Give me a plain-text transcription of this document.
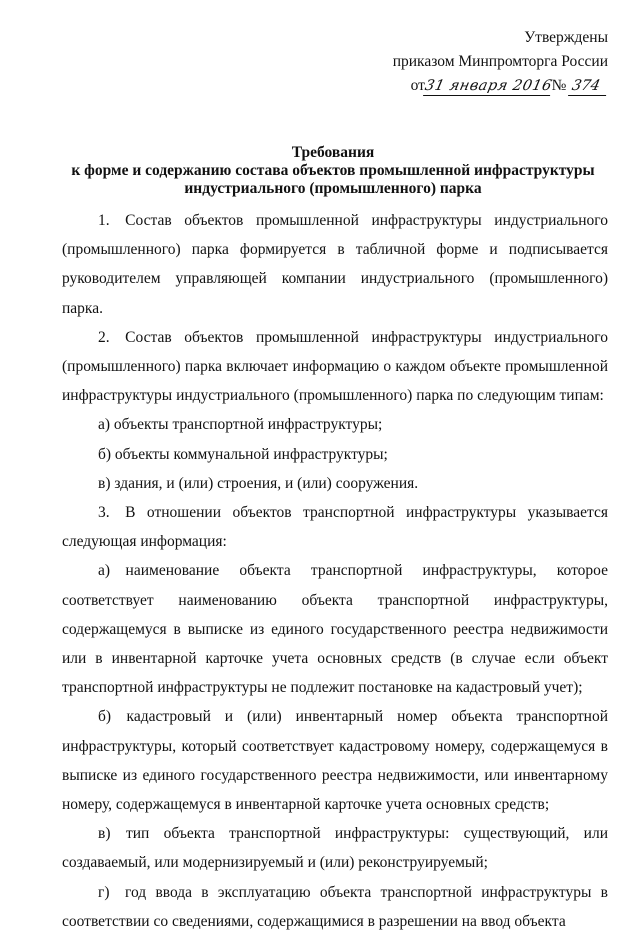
Утверждены
приказом Минпромторга России
от31 января 2016№ 374
Требования
к форме и содержанию состава объектов промышленной инфраструктуры
индустриального (промышленного) парка

1. Состав объектов промышленной инфраструктуры индустриального (промышленного) парка формируется в табличной форме и подписывается руководителем управляющей компании индустриального (промышленного) парка.

2. Состав объектов промышленной инфраструктуры индустриального (промышленного) парка включает информацию о каждом объекте промышленной инфраструктуры индустриального (промышленного) парка по следующим типам:

а) объекты транспортной инфраструктуры;

б) объекты коммунальной инфраструктуры;

в) здания, и (или) строения, и (или) сооружения.

3. В отношении объектов транспортной инфраструктуры указывается следующая информация:

а) наименование объекта транспортной инфраструктуры, которое соответствует наименованию объекта транспортной инфраструктуры, содержащемуся в выписке из единого государственного реестра недвижимости или в инвентарной карточке учета основных средств (в случае если объект транспортной инфраструктуры не подлежит постановке на кадастровый учет);

б) кадастровый и (или) инвентарный номер объекта транспортной инфраструктуры, который соответствует кадастровому номеру, содержащемуся в выписке из единого государственного реестра недвижимости, или инвентарному номеру, содержащемуся в инвентарной карточке учета основных средств;

в) тип объекта транспортной инфраструктуры: существующий, или создаваемый, или модернизируемый и (или) реконструируемый;

г) год ввода в эксплуатацию объекта транспортной инфраструктуры в соответствии со сведениями, содержащимися в разрешении на ввод объекта
